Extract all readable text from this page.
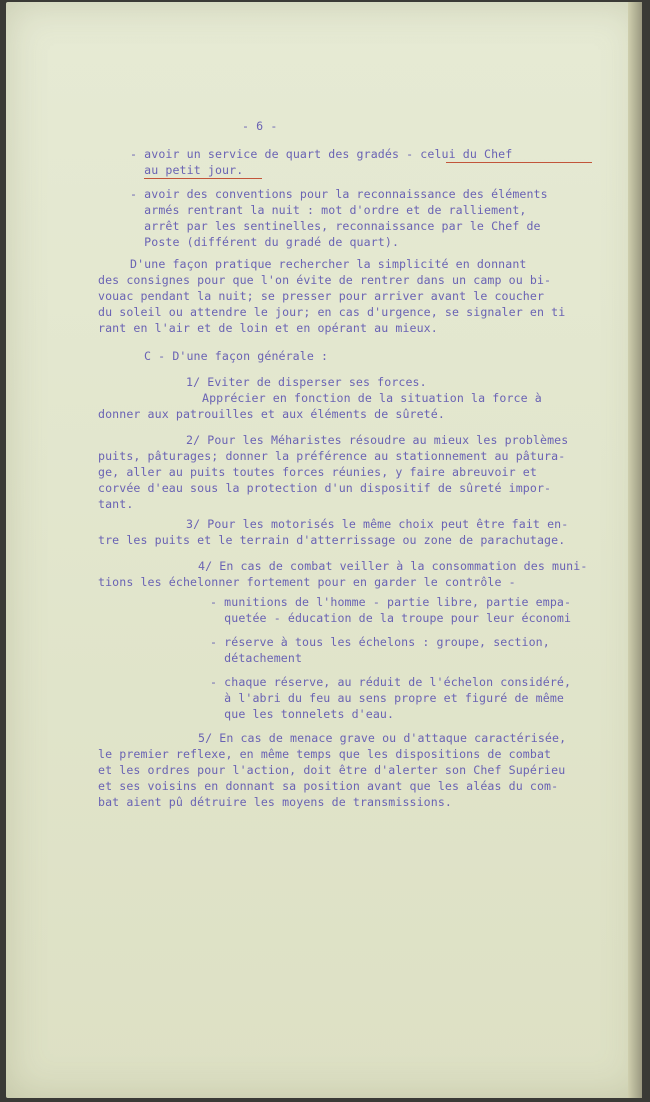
- 6 -
- avoir un service de quart des gradés - celui du Chef
au petit jour.
- avoir des conventions pour la reconnaissance des éléments
armés rentrant la nuit : mot d'ordre et de ralliement,
arrêt par les sentinelles, reconnaissance par le Chef de
Poste (différent du gradé de quart).
D'une façon pratique rechercher la simplicité en donnant
des consignes pour que l'on évite de rentrer dans un camp ou bi-
vouac pendant la nuit; se presser pour arriver avant le coucher
du soleil ou attendre le jour; en cas d'urgence, se signaler en ti
rant en l'air et de loin et en opérant au mieux.
C - D'une façon générale :
1/ Eviter de disperser ses forces.
Apprécier en fonction de la situation la force à
donner aux patrouilles et aux éléments de sûreté.
2/ Pour les Méharistes résoudre au mieux les problèmes
puits, pâturages; donner la préférence au stationnement au pâtura-
ge, aller au puits toutes forces réunies, y faire abreuvoir et
corvée d'eau sous la protection d'un dispositif de sûreté impor-
tant.
3/ Pour les motorisés le même choix peut être fait en-
tre les puits et le terrain d'atterrissage ou zone de parachutage.
4/ En cas de combat veiller à la consommation des muni-
tions les échelonner fortement pour en garder le contrôle -
- munitions de l'homme - partie libre, partie empa-
quetée - éducation de la troupe pour leur économi
- réserve à tous les échelons : groupe, section,
détachement
- chaque réserve, au réduit de l'échelon considéré,
à l'abri du feu au sens propre et figuré de même
que les tonnelets d'eau.
5/ En cas de menace grave ou d'attaque caractérisée,
le premier reflexe, en même temps que les dispositions de combat
et les ordres pour l'action, doit être d'alerter son Chef Supérieu
et ses voisins en donnant sa position avant que les aléas du com-
bat aient pû détruire les moyens de transmissions.
